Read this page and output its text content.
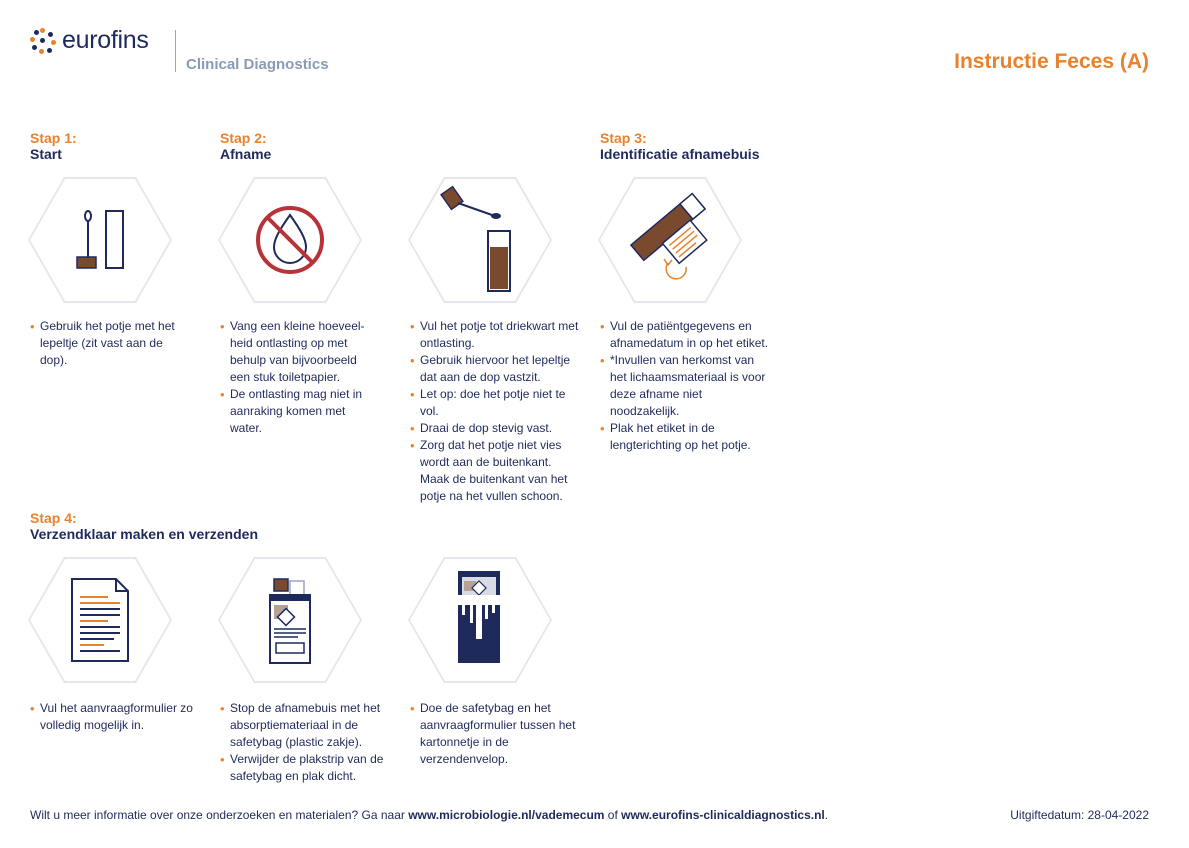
eurofins
Clinical Diagnostics	Instructie Feces (A)
Stap 1:
Start
Stap 2:
Afname
Stap 3:
Identificatie afnamebuis
Stap 4:
Verzendklaar maken en verzenden
• Gebruik het potje met het lepeltje (zit vast aan de dop).
• Vang een kleine hoeveel-heid ontlasting op met behulp van bijvoorbeeld een stuk toiletpapier.
• De ontlasting mag niet in aanraking komen met water.
• Vul het potje tot driekwart met ontlasting.
• Gebruik hiervoor het lepeltje dat aan de dop vastzit.
• Let op: doe het potje niet te vol.
• Draai de dop stevig vast.
• Zorg dat het potje niet vies wordt aan de buitenkant. Maak de buitenkant van het potje na het vullen schoon.
• Vul de patiëntgegevens en afnamedatum in op het etiket.
• *Invullen van herkomst van het lichaamsmateriaal is voor deze afname niet noodzakelijk.
• Plak het etiket in de lengterichting op het potje.
• Vul het aanvraagformulier zo volledig mogelijk in.
• Stop de afnamebuis met het absorptiemateriaal in de safetybag (plastic zakje).
• Verwijder de plakstrip van de safetybag en plak dicht.
• Doe de safetybag en het aanvraagformulier tussen het kartonnetje in de verzendenvelop.
Wilt u meer informatie over onze onderzoeken en materialen? Ga naar www.microbiologie.nl/vademecum of www.eurofins-clinicaldiagnostics.nl.	Uitgiftedatum: 28-04-2022
